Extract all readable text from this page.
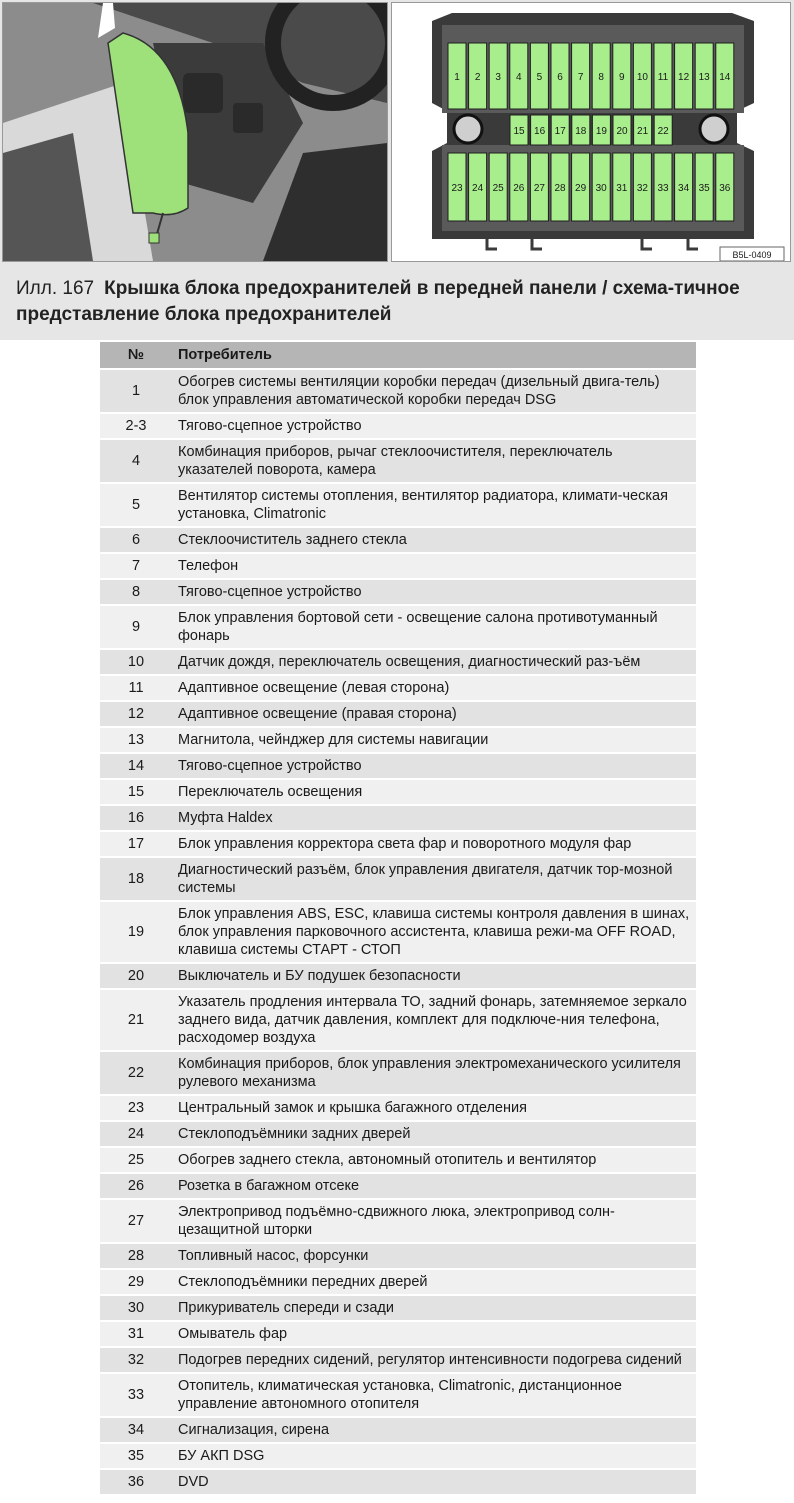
1 2 3 4 5 6 7 8 9 10 11 12 13 14
15 16 17 18 19 20 21 22
23 24 25 26 27 28 29 30 31 32 33 34 35 36
B5L-0409
Илл. 167 Крышка блока предохранителей в передней панели / схема-тичное представление блока предохранителей
№	Потребитель
1	Обогрев системы вентиляции коробки передач (дизельный двига-тель)
блок управления автоматической коробки передач DSG
2-3	Тягово-сцепное устройство
4	Комбинация приборов, рычаг стеклоочистителя, переключатель указателей поворота, камера
5	Вентилятор системы отопления, вентилятор радиатора, климати-ческая установка, Climatronic
6	Стеклоочиститель заднего стекла
7	Телефон
8	Тягово-сцепное устройство
9	Блок управления бортовой сети - освещение салона противотуманный фонарь
10	Датчик дождя, переключатель освещения, диагностический раз-ъём
11	Адаптивное освещение (левая сторона)
12	Адаптивное освещение (правая сторона)
13	Магнитола, чейнджер для системы навигации
14	Тягово-сцепное устройство
15	Переключатель освещения
16	Муфта Haldex
17	Блок управления корректора света фар и поворотного модуля фар
18	Диагностический разъём, блок управления двигателя, датчик тор-мозной системы
19	Блок управления ABS, ESC, клавиша системы контроля давления в шинах, блок управления парковочного ассистента, клавиша режи-ма OFF ROAD, клавиша системы СТАРТ - СТОП
20	Выключатель и БУ подушек безопасности
21	Указатель продления интервала ТО, задний фонарь, затемняемое зеркало заднего вида, датчик давления, комплект для подключе-ния телефона, расходомер воздуха
22	Комбинация приборов, блок управления электромеханического усилителя рулевого механизма
23	Центральный замок и крышка багажного отделения
24	Стеклоподъёмники задних дверей
25	Обогрев заднего стекла, автономный отопитель и вентилятор
26	Розетка в багажном отсеке
27	Электропривод подъёмно-сдвижного люка, электропривод солн-цезащитной шторки
28	Топливный насос, форсунки
29	Стеклоподъёмники передних дверей
30	Прикуриватель спереди и сзади
31	Омыватель фар
32	Подогрев передних сидений, регулятор интенсивности подогрева сидений
33	Отопитель, климатическая установка, Climatronic, дистанционное управление автономного отопителя
34	Сигнализация, сирена
35	БУ АКП DSG
36	DVD
